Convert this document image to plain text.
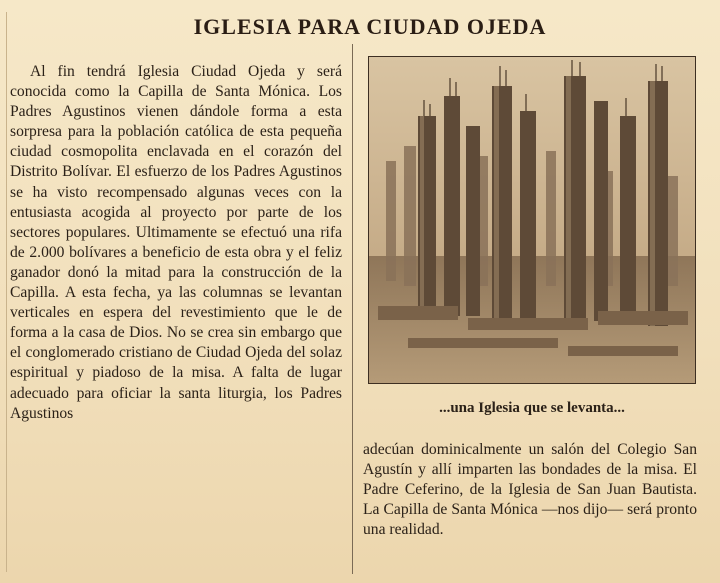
IGLESIA PARA CIUDAD OJEDA

Al fin tendrá Iglesia Ciudad Ojeda y será conocida como la Capilla de Santa Mónica. Los Padres Agustinos vienen dándole forma a esta sorpresa para la población católica de esta pequeña ciudad cosmopolita enclavada en el corazón del Distrito Bolívar. El esfuerzo de los Padres Agustinos se ha visto recompensado algunas veces con la entusiasta acogida al proyecto por parte de los sectores populares. Ultimamente se efectuó una rifa de 2.000 bolívares a beneficio de esta obra y el feliz ganador donó la mitad para la construcción de la Capilla. A esta fecha, ya las columnas se levantan verticales en espera del revestimiento que le de forma a la casa de Dios. No se crea sin embargo que el conglomerado cristiano de Ciudad Ojeda del solaz espiritual y piadoso de la misa. A falta de lugar adecuado para oficiar la santa liturgia, los Padres Agustinos	...una Iglesia que se levanta...

adecúan dominicalmente un salón del Colegio San Agustín y allí imparten las bondades de la misa. El Padre Ceferino, de la Iglesia de San Juan Bautista. La Capilla de Santa Mónica —nos dijo— será pronto una realidad.
